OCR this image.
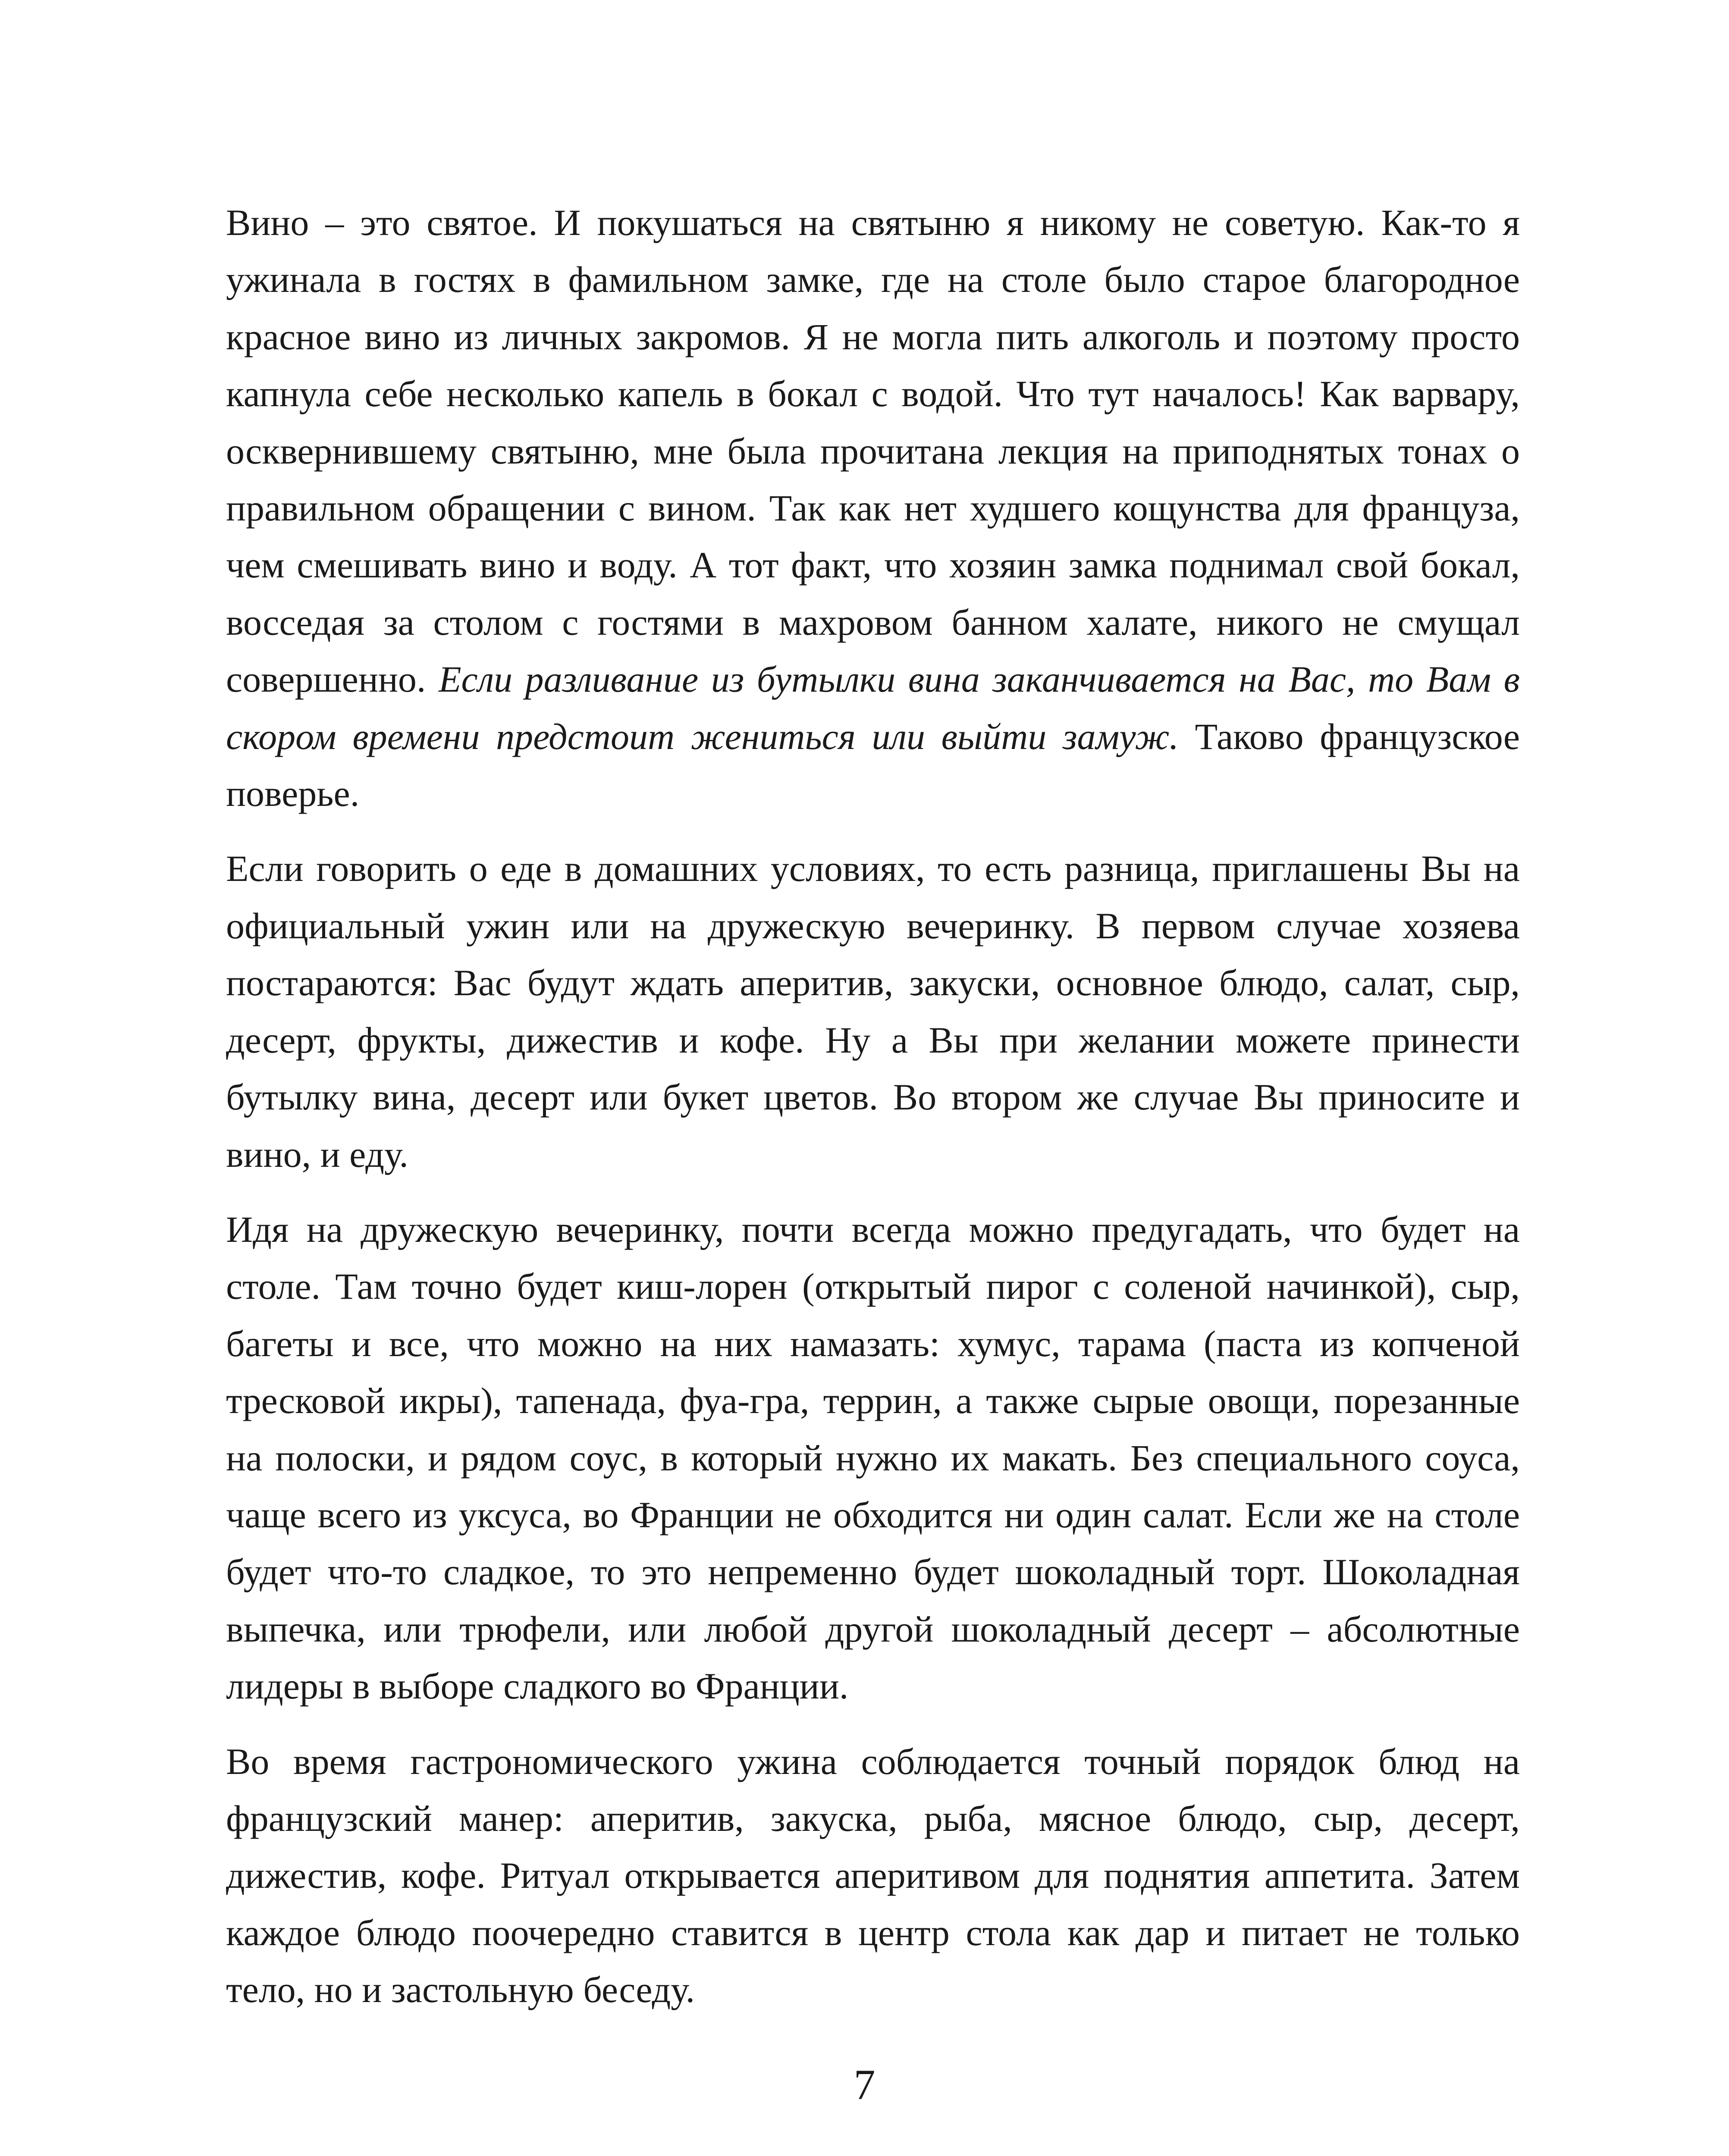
Вино – это святое. И покушаться на святыню я никому не советую. Как-то я ужинала в гостях в фамильном замке, где на столе было старое благородное красное вино из личных закромов. Я не могла пить алкоголь и поэтому просто капнула себе несколько капель в бокал с водой. Что тут началось! Как варвару, осквернившему святыню, мне была прочитана лекция на приподнятых тонах о правильном обращении с вином. Так как нет худшего кощунства для француза, чем смешивать вино и воду. А тот факт, что хозяин замка поднимал свой бокал, восседая за столом с гостями в махровом банном халате, никого не смущал совершенно. Если разливание из бутылки вина заканчивается на Вас, то Вам в скором времени предстоит жениться или выйти замуж. Таково французское поверье.

Если говорить о еде в домашних условиях, то есть разница, приглашены Вы на официальный ужин или на дружескую вечеринку. В первом случае хозяева постараются: Вас будут ждать аперитив, закуски, основное блюдо, салат, сыр, десерт, фрукты, дижестив и кофе. Ну а Вы при желании можете принести бутылку вина, десерт или букет цветов. Во втором же случае Вы приносите и вино, и еду.

Идя на дружескую вечеринку, почти всегда можно предугадать, что будет на столе. Там точно будет киш-лорен (открытый пирог с соленой начинкой), сыр, багеты и все, что можно на них намазать: хумус, тарама (паста из копченой тресковой икры), тапенада, фуа-гра, террин, а также сырые овощи, порезанные на полоски, и рядом соус, в который нужно их макать. Без специального соуса, чаще всего из уксуса, во Франции не обходится ни один салат. Если же на столе будет что-то сладкое, то это непременно будет шоколадный торт. Шоколадная выпечка, или трюфели, или любой другой шоколадный десерт – абсолютные лидеры в выборе сладкого во Франции.

Во время гастрономического ужина соблюдается точный порядок блюд на французский манер: аперитив, закуска, рыба, мясное блюдо, сыр, десерт, дижестив, кофе. Ритуал открывается аперитивом для поднятия аппетита. Затем каждое блюдо поочередно ставится в центр стола как дар и питает не только тело, но и застольную беседу.

7
